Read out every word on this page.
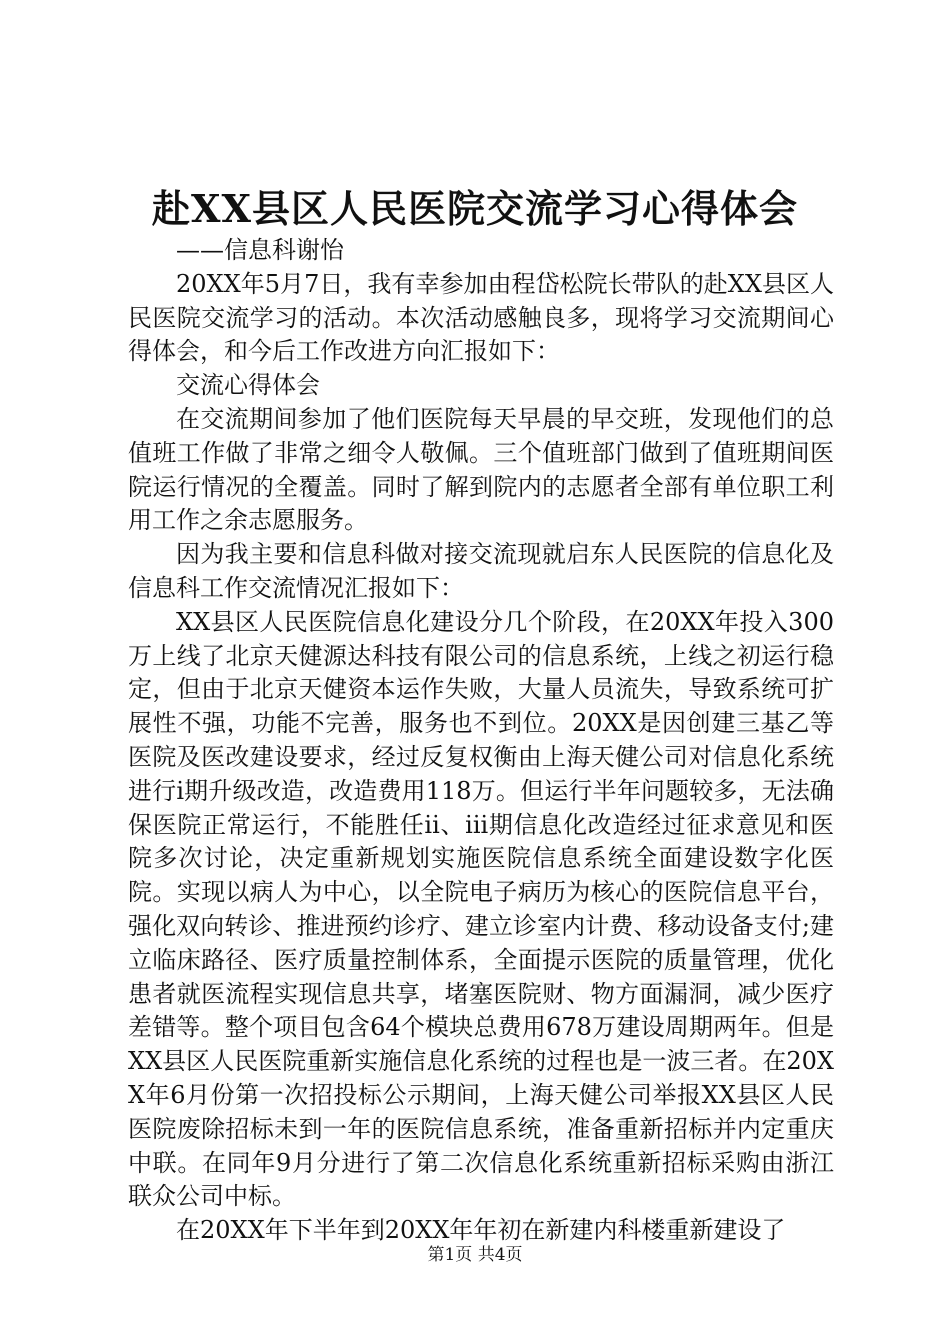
赴XX县区人民医院交流学习心得体会

——信息科谢怡

20XX年5月7日，我有幸参加由程岱松院长带队的赴XX县区人民医院交流学习的活动。本次活动感触良多，现将学习交流期间心得体会，和今后工作改进方向汇报如下：

交流心得体会

在交流期间参加了他们医院每天早晨的早交班，发现他们的总值班工作做了非常之细令人敬佩。三个值班部门做到了值班期间医院运行情况的全覆盖。同时了解到院内的志愿者全部有单位职工利用工作之余志愿服务。

因为我主要和信息科做对接交流现就启东人民医院的信息化及信息科工作交流情况汇报如下：

XX县区人民医院信息化建设分几个阶段，在20XX年投入300万上线了北京天健源达科技有限公司的信息系统，上线之初运行稳定，但由于北京天健资本运作失败，大量人员流失，导致系统可扩展性不强，功能不完善，服务也不到位。20XX是因创建三基乙等医院及医改建设要求，经过反复权衡由上海天健公司对信息化系统进行i期升级改造，改造费用118万。但运行半年问题较多，无法确保医院正常运行，不能胜任ii、iii期信息化改造经过征求意见和医院多次讨论，决定重新规划实施医院信息系统全面建设数字化医院。实现以病人为中心，以全院电子病历为核心的医院信息平台，强化双向转诊、推进预约诊疗、建立诊室内计费、移动设备支付;建立临床路径、医疗质量控制体系，全面提示医院的质量管理，优化患者就医流程实现信息共享，堵塞医院财、物方面漏洞，减少医疗差错等。整个项目包含64个模块总费用678万建设周期两年。但是XX县区人民医院重新实施信息化系统的过程也是一波三者。在20XX年6月份第一次招投标公示期间，上海天健公司举报XX县区人民医院废除招标未到一年的医院信息系统，准备重新招标并内定重庆中联。在同年9月分进行了第二次信息化系统重新招标采购由浙江联众公司中标。

在20XX年下半年到20XX年年初在新建内科楼重新建设了

第1页 共4页
